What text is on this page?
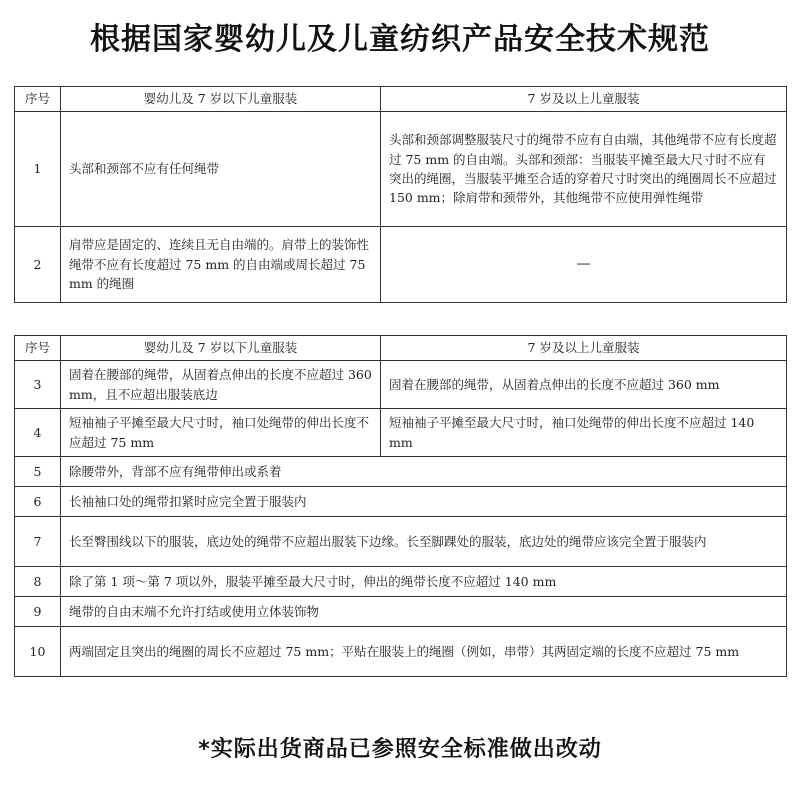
根据国家婴幼儿及儿童纺织产品安全技术规范
序号	婴幼儿及 7 岁以下儿童服装	7 岁及以上儿童服装
1	头部和颈部不应有任何绳带	头部和颈部调整服装尺寸的绳带不应有自由端，其他绳带不应有长度超过 75 mm 的自由端。头部和颈部：当服装平摊至最大尺寸时不应有突出的绳圈，当服装平摊至合适的穿着尺寸时突出的绳圈周长不应超过 150 mm；除肩带和颈带外，其他绳带不应使用弹性绳带
2	肩带应是固定的、连续且无自由端的。肩带上的装饰性绳带不应有长度超过 75 mm 的自由端或周长超过 75 mm 的绳圈	—
序号	婴幼儿及 7 岁以下儿童服装	7 岁及以上儿童服装
3	固着在腰部的绳带，从固着点伸出的长度不应超过 360 mm，且不应超出服装底边	固着在腰部的绳带，从固着点伸出的长度不应超过 360 mm
4	短袖袖子平摊至最大尺寸时，袖口处绳带的伸出长度不应超过 75 mm	短袖袖子平摊至最大尺寸时，袖口处绳带的伸出长度不应超过 140 mm
5	除腰带外，背部不应有绳带伸出或系着	
6	长袖袖口处的绳带扣紧时应完全置于服装内	
7	长至臀围线以下的服装，底边处的绳带不应超出服装下边缘。长至脚踝处的服装，底边处的绳带应该完全置于服装内	
8	除了第 1 项～第 7 项以外，服装平摊至最大尺寸时，伸出的绳带长度不应超过 140 mm	
9	绳带的自由末端不允许打结或使用立体装饰物	
10	两端固定且突出的绳圈的周长不应超过 75 mm；平贴在服装上的绳圈（例如，串带）其两固定端的长度不应超过 75 mm	
*实际出货商品已参照安全标准做出改动
